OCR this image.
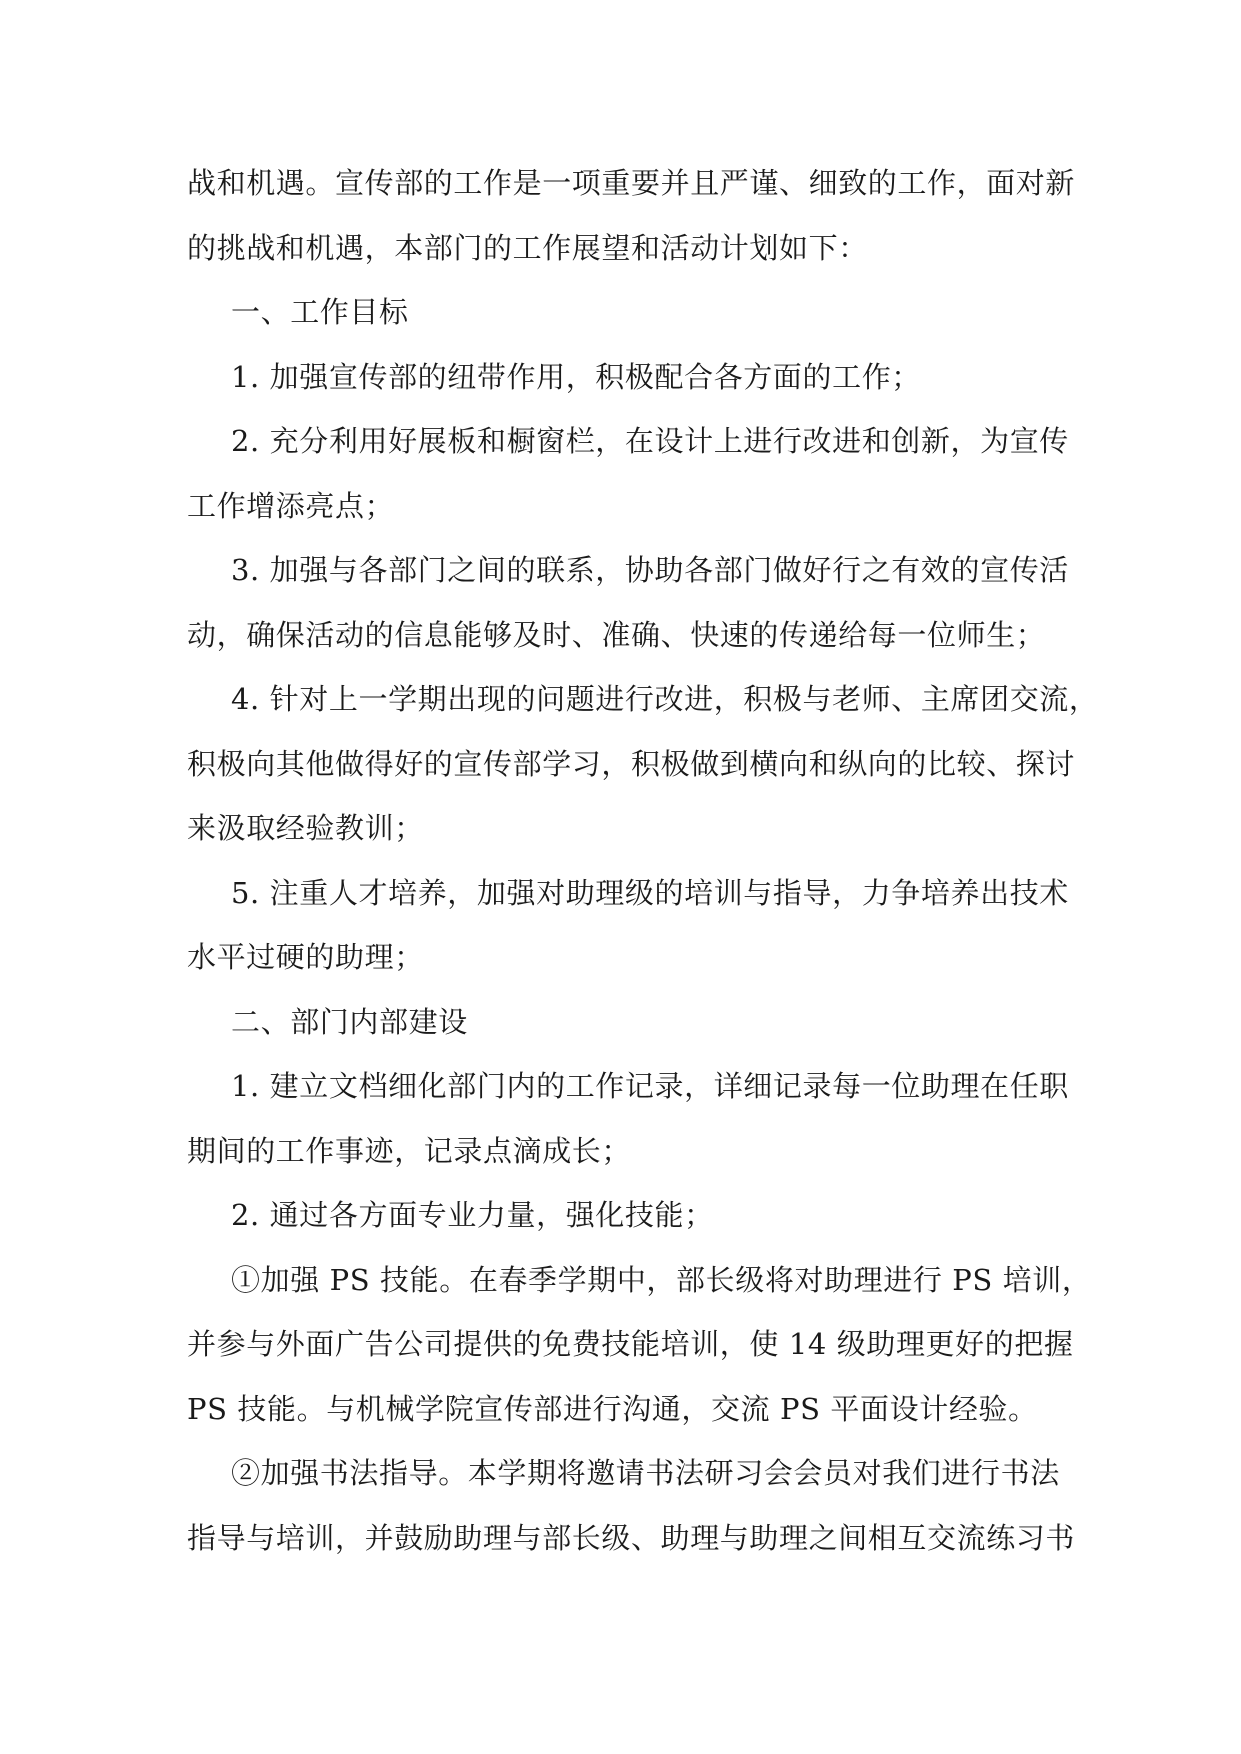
战和机遇。宣传部的工作是一项重要并且严谨、细致的工作，面对新
的挑战和机遇，本部门的工作展望和活动计划如下：
一、工作目标
1. 加强宣传部的纽带作用，积极配合各方面的工作；
2. 充分利用好展板和橱窗栏，在设计上进行改进和创新，为宣传
工作增添亮点；
3. 加强与各部门之间的联系，协助各部门做好行之有效的宣传活
动，确保活动的信息能够及时、准确、快速的传递给每一位师生；
4. 针对上一学期出现的问题进行改进，积极与老师、主席团交流，
积极向其他做得好的宣传部学习，积极做到横向和纵向的比较、探讨
来汲取经验教训；
5. 注重人才培养，加强对助理级的培训与指导，力争培养出技术
水平过硬的助理；
二、部门内部建设
1. 建立文档细化部门内的工作记录，详细记录每一位助理在任职
期间的工作事迹，记录点滴成长；
2. 通过各方面专业力量，强化技能；
①加强 PS 技能。在春季学期中，部长级将对助理进行 PS 培训，
并参与外面广告公司提供的免费技能培训，使 14 级助理更好的把握
PS 技能。与机械学院宣传部进行沟通，交流 PS 平面设计经验。
②加强书法指导。本学期将邀请书法研习会会员对我们进行书法
指导与培训，并鼓励助理与部长级、助理与助理之间相互交流练习书
